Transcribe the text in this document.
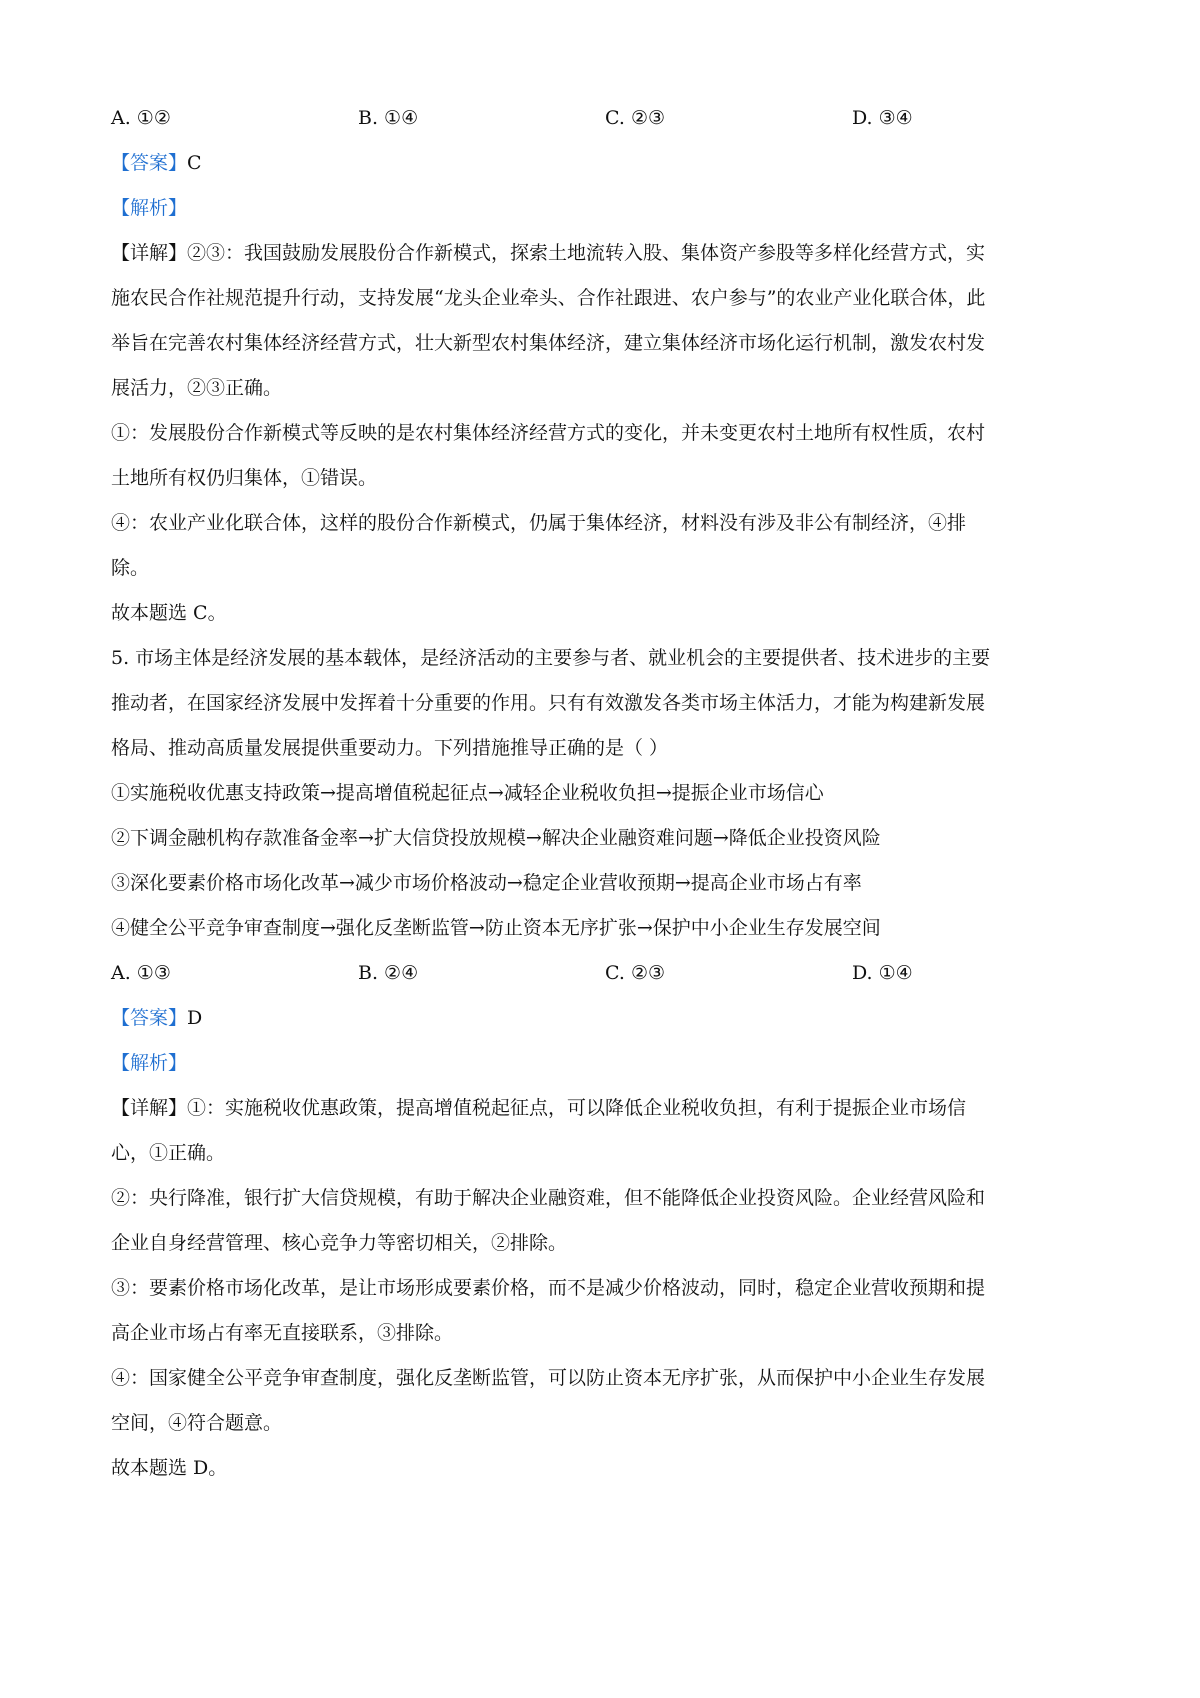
A. ①②	B. ①④	C. ②③	D. ③④
【答案】C
【解析】
【详解】②③：我国鼓励发展股份合作新模式，探索土地流转入股、集体资产参股等多样化经营方式，实
施农民合作社规范提升行动，支持发展“龙头企业牵头、合作社跟进、农户参与”的农业产业化联合体，此
举旨在完善农村集体经济经营方式，壮大新型农村集体经济，建立集体经济市场化运行机制，激发农村发
展活力，②③正确。
①：发展股份合作新模式等反映的是农村集体经济经营方式的变化，并未变更农村土地所有权性质，农村
土地所有权仍归集体，①错误。
④：农业产业化联合体，这样的股份合作新模式，仍属于集体经济，材料没有涉及非公有制经济，④排
除。
故本题选 C。
5. 市场主体是经济发展的基本载体，是经济活动的主要参与者、就业机会的主要提供者、技术进步的主要
推动者，在国家经济发展中发挥着十分重要的作用。只有有效激发各类市场主体活力，才能为构建新发展
格局、推动高质量发展提供重要动力。下列措施推导正确的是（ ）
①实施税收优惠支持政策→提高增值税起征点→减轻企业税收负担→提振企业市场信心
②下调金融机构存款准备金率→扩大信贷投放规模→解决企业融资难问题→降低企业投资风险
③深化要素价格市场化改革→减少市场价格波动→稳定企业营收预期→提高企业市场占有率
④健全公平竞争审查制度→强化反垄断监管→防止资本无序扩张→保护中小企业生存发展空间
A. ①③	B. ②④	C. ②③	D. ①④
【答案】D
【解析】
【详解】①：实施税收优惠政策，提高增值税起征点，可以降低企业税收负担，有利于提振企业市场信
心，①正确。
②：央行降准，银行扩大信贷规模，有助于解决企业融资难，但不能降低企业投资风险。企业经营风险和
企业自身经营管理、核心竞争力等密切相关，②排除。
③：要素价格市场化改革，是让市场形成要素价格，而不是减少价格波动，同时，稳定企业营收预期和提
高企业市场占有率无直接联系，③排除。
④：国家健全公平竞争审查制度，强化反垄断监管，可以防止资本无序扩张，从而保护中小企业生存发展
空间，④符合题意。
故本题选 D。
